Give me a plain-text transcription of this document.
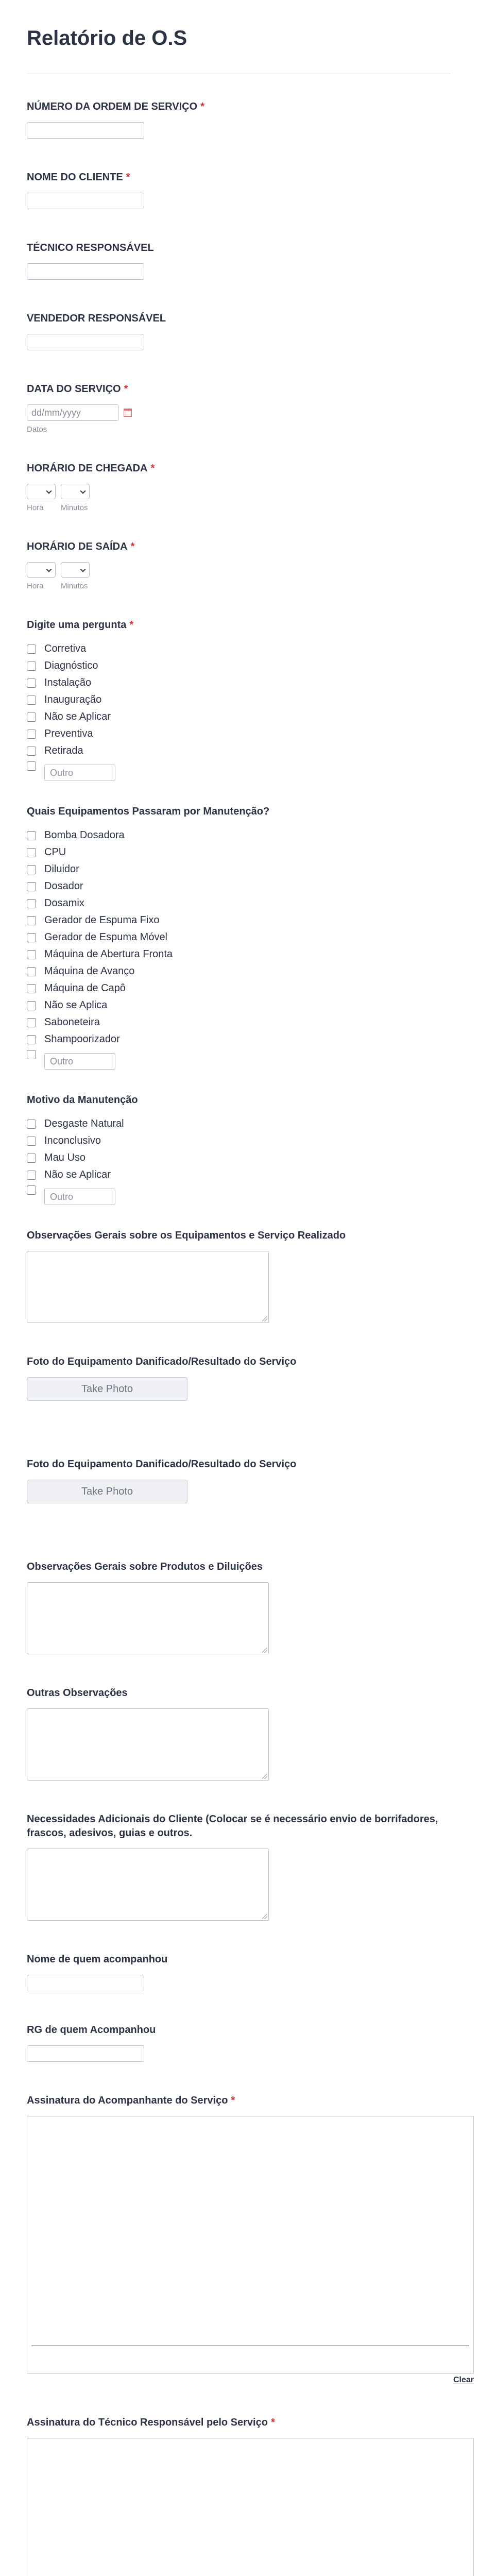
Relatório de O.S
NÚMERO DA ORDEM DE SERVIÇO *
NOME DO CLIENTE *
TÉCNICO RESPONSÁVEL
VENDEDOR RESPONSÁVEL
DATA DO SERVIÇO *
dd/mm/yyyy
Datos
HORÁRIO DE CHEGADA *
Hora	Minutos
HORÁRIO DE SAÍDA *
Hora	Minutos
Digite uma pergunta *
Corretiva
Diagnóstico
Instalação
Inauguração
Não se Aplicar
Preventiva
Retirada
Outro
Quais Equipamentos Passaram por Manutenção?
Bomba Dosadora
CPU
Diluidor
Dosador
Dosamix
Gerador de Espuma Fixo
Gerador de Espuma Móvel
Máquina de Abertura Fronta
Máquina de Avanço
Máquina de Capô
Não se Aplica
Saboneteira
Shampoorizador
Outro
Motivo da Manutenção
Desgaste Natural
Inconclusivo
Mau Uso
Não se Aplicar
Outro
Observações Gerais sobre os Equipamentos e Serviço Realizado
Foto do Equipamento Danificado/Resultado do Serviço
Take Photo
Foto do Equipamento Danificado/Resultado do Serviço
Take Photo
Observações Gerais sobre Produtos e Diluições
Outras Observações
Necessidades Adicionais do Cliente (Colocar se é necessário envio de borrifadores, frascos, adesivos, guias e outros.
Nome de quem acompanhou
RG de quem Acompanhou
Assinatura do Acompanhante do Serviço *
Clear
Assinatura do Técnico Responsável pelo Serviço *
